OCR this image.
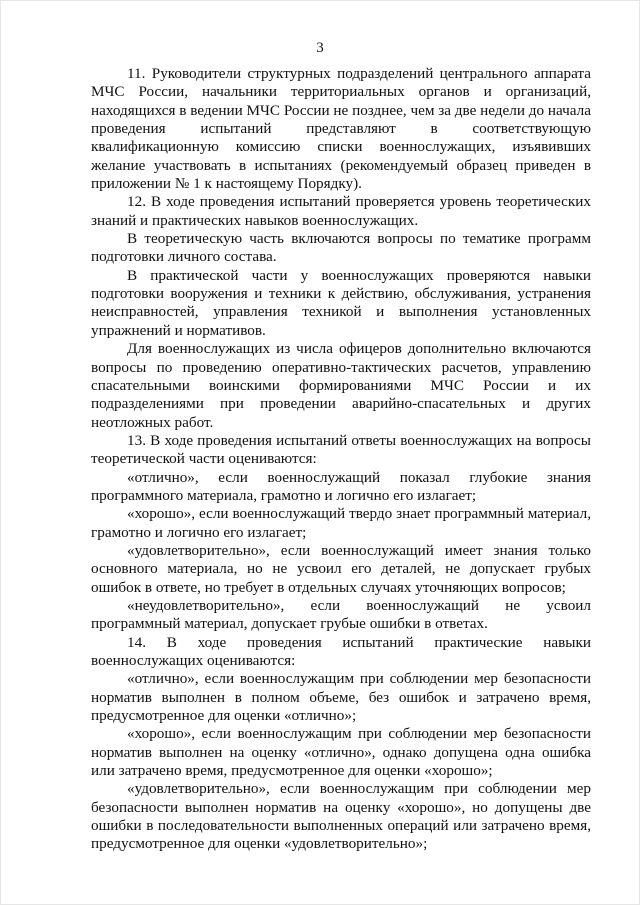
3

11. Руководители структурных подразделений центрального аппарата МЧС России, начальники территориальных органов и организаций, находящихся в ведении МЧС России не позднее, чем за две недели до начала проведения испытаний представляют в соответствующую квалификационную комиссию списки военнослужащих, изъявивших желание участвовать в испытаниях (рекомендуемый образец приведен в приложении № 1 к настоящему Порядку).

12. В ходе проведения испытаний проверяется уровень теоретических знаний и практических навыков военнослужащих.

В теоретическую часть включаются вопросы по тематике программ подготовки личного состава.

В практической части у военнослужащих проверяются навыки подготовки вооружения и техники к действию, обслуживания, устранения неисправностей, управления техникой и выполнения установленных упражнений и нормативов.

Для военнослужащих из числа офицеров дополнительно включаются вопросы по проведению оперативно-тактических расчетов, управлению спасательными воинскими формированиями МЧС России и их подразделениями при проведении аварийно-спасательных и других неотложных работ.

13. В ходе проведения испытаний ответы военнослужащих на вопросы теоретической части оцениваются:

«отлично», если военнослужащий показал глубокие знания программного материала, грамотно и логично его излагает;

«хорошо», если военнослужащий твердо знает программный материал, грамотно и логично его излагает;

«удовлетворительно», если военнослужащий имеет знания только основного материала, но не усвоил его деталей, не допускает грубых ошибок в ответе, но требует в отдельных случаях уточняющих вопросов;

«неудовлетворительно», если военнослужащий не усвоил программный материал, допускает грубые ошибки в ответах.

14. В ходе проведения испытаний практические навыки военнослужащих оцениваются:

«отлично», если военнослужащим при соблюдении мер безопасности норматив выполнен в полном объеме, без ошибок и затрачено время, предусмотренное для оценки «отлично»;

«хорошо», если военнослужащим при соблюдении мер безопасности норматив выполнен на оценку «отлично», однако допущена одна ошибка или затрачено время, предусмотренное для оценки «хорошо»;

«удовлетворительно», если военнослужащим при соблюдении мер безопасности выполнен норматив на оценку «хорошо», но допущены две ошибки в последовательности выполненных операций или затрачено время, предусмотренное для оценки «удовлетворительно»;
